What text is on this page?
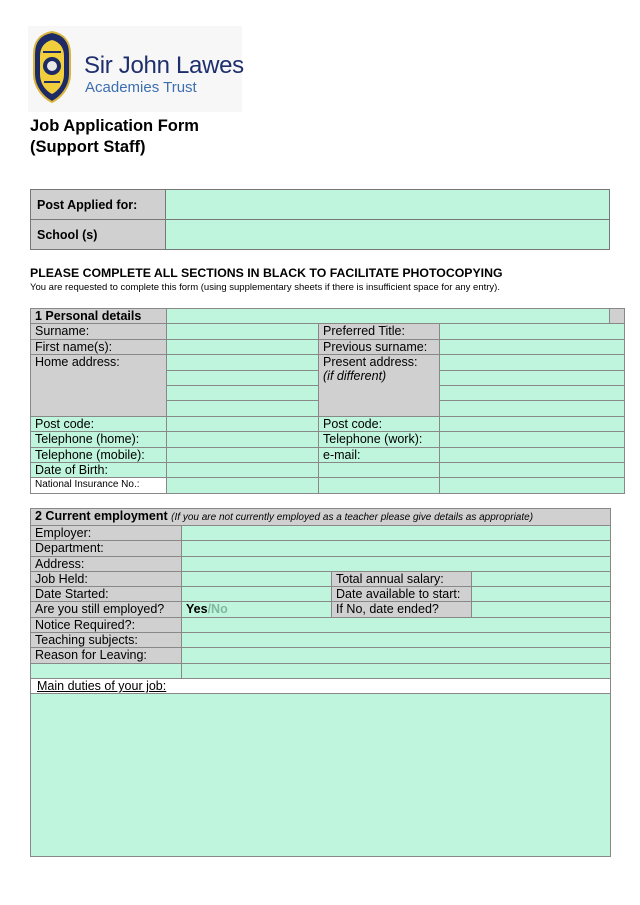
Sir John Lawes
Academies Trust
Job Application Form
(Support Staff)
Post Applied for:	
School (s)	
PLEASE COMPLETE ALL SECTIONS IN BLACK TO FACILITATE PHOTOCOPYING
You are requested to complete this form (using supplementary sheets if there is insufficient space for any entry).
1 Personal details				
Surname:		Preferred Title:		
First name(s):		Previous surname:		
Home address:		Present address:
(if different)		

Post code:		Post code:		
Telephone (home):		Telephone (work):		
Telephone (mobile):		e-mail:		
Date of Birth:				
National Insurance No.:				
2 Current employment (If you are not currently employed as a teacher please give details as appropriate)			
Employer:			
Department:			
Address:			
Job Held:		Total annual salary:	
Date Started:		Date available to start:	
Are you still employed?	Yes/No	If No, date ended?	
Notice Required?:			
Teaching subjects:			
Reason for Leaving:			

Main duties of your job:			
